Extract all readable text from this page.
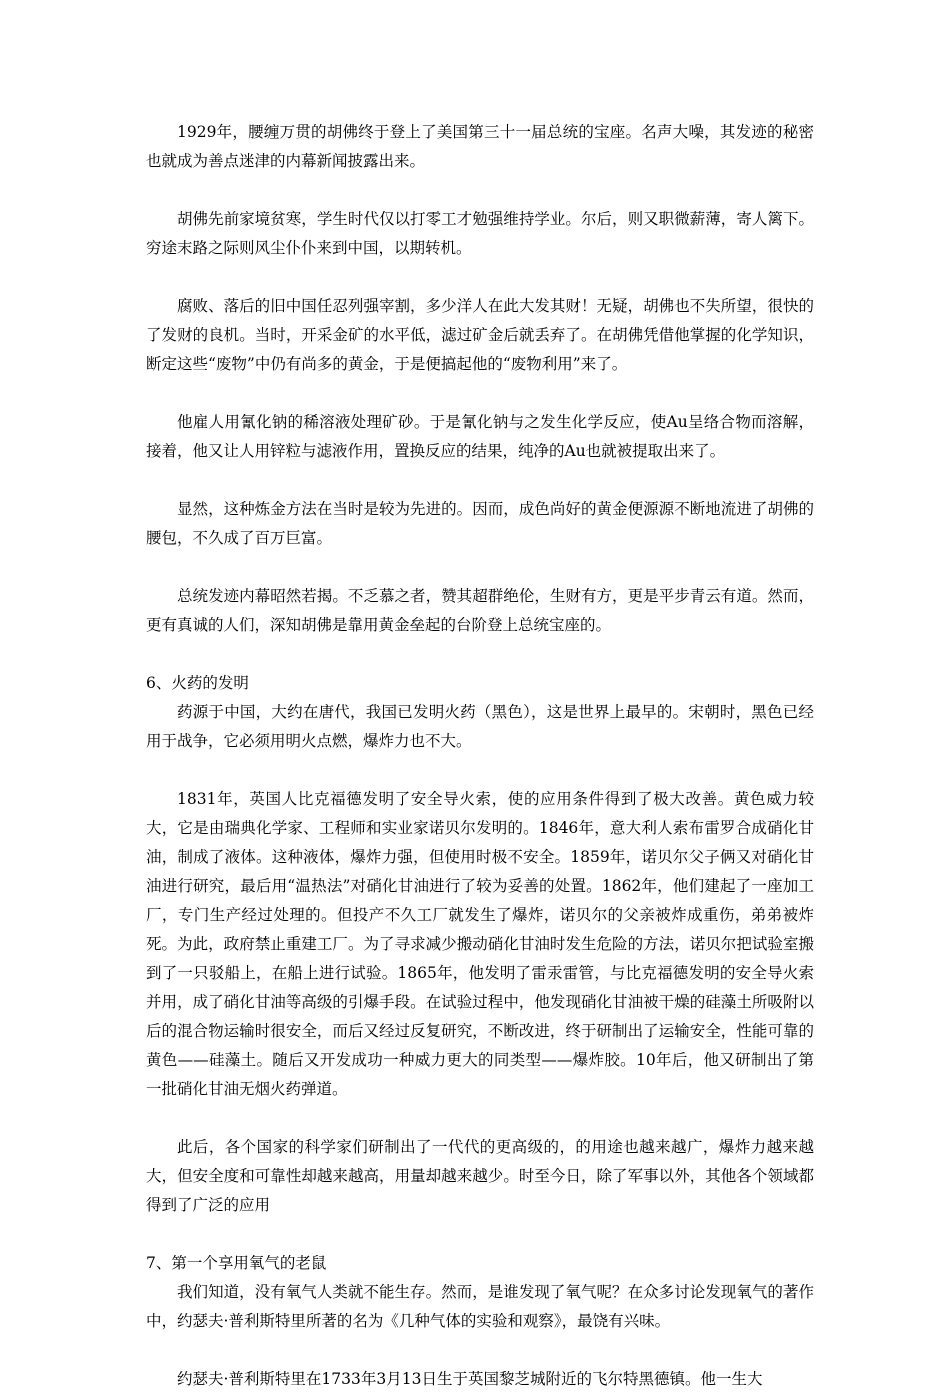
1929年，腰缠万贯的胡佛终于登上了美国第三十一届总统的宝座。名声大噪，其发迹的秘密也就成为善点迷津的内幕新闻披露出来。

胡佛先前家境贫寒，学生时代仅以打零工才勉强维持学业。尔后，则又职微薪薄，寄人篱下。穷途末路之际则风尘仆仆来到中国，以期转机。

腐败、落后的旧中国任忍列强宰割，多少洋人在此大发其财！无疑，胡佛也不失所望，很快的了发财的良机。当时，开采金矿的水平低，滤过矿金后就丢弃了。在胡佛凭借他掌握的化学知识，断定这些“废物”中仍有尚多的黄金，于是便搞起他的“废物利用”来了。

他雇人用氰化钠的稀溶液处理矿砂。于是氰化钠与之发生化学反应，使Au呈络合物而溶解，接着，他又让人用锌粒与滤液作用，置换反应的结果，纯净的Au也就被提取出来了。

显然，这种炼金方法在当时是较为先进的。因而，成色尚好的黄金便源源不断地流进了胡佛的腰包，不久成了百万巨富。

总统发迹内幕昭然若揭。不乏慕之者，赞其超群绝伦，生财有方，更是平步青云有道。然而，更有真诚的人们，深知胡佛是靠用黄金垒起的台阶登上总统宝座的。

6、火药的发明

药源于中国，大约在唐代，我国已发明火药（黑色），这是世界上最早的。宋朝时，黑色已经用于战争，它必须用明火点燃，爆炸力也不大。

1831年，英国人比克福德发明了安全导火索，使的应用条件得到了极大改善。黄色威力较大，它是由瑞典化学家、工程师和实业家诺贝尔发明的。1846年，意大利人索布雷罗合成硝化甘油，制成了液体。这种液体，爆炸力强，但使用时极不安全。1859年，诺贝尔父子俩又对硝化甘油进行研究，最后用“温热法”对硝化甘油进行了较为妥善的处置。1862年，他们建起了一座加工厂，专门生产经过处理的。但投产不久工厂就发生了爆炸，诺贝尔的父亲被炸成重伤，弟弟被炸死。为此，政府禁止重建工厂。为了寻求减少搬动硝化甘油时发生危险的方法，诺贝尔把试验室搬到了一只驳船上，在船上进行试验。1865年，他发明了雷汞雷管，与比克福德发明的安全导火索并用，成了硝化甘油等高级的引爆手段。在试验过程中，他发现硝化甘油被干燥的硅藻土所吸附以后的混合物运输时很安全，而后又经过反复研究，不断改进，终于研制出了运输安全，性能可靠的黄色——硅藻土。随后又开发成功一种威力更大的同类型——爆炸胶。10年后，他又研制出了第一批硝化甘油无烟火药弹道。

此后，各个国家的科学家们研制出了一代代的更高级的，的用途也越来越广，爆炸力越来越大，但安全度和可靠性却越来越高，用量却越来越少。时至今日，除了军事以外，其他各个领域都得到了广泛的应用

7、第一个享用氧气的老鼠

我们知道，没有氧气人类就不能生存。然而，是谁发现了氧气呢？在众多讨论发现氧气的著作中，约瑟夫·普利斯特里所著的名为《几种气体的实验和观察》，最饶有兴味。

约瑟夫·普利斯特里在1733年3月13日生于英国黎芝城附近的飞尔特黑德镇。他一生大
